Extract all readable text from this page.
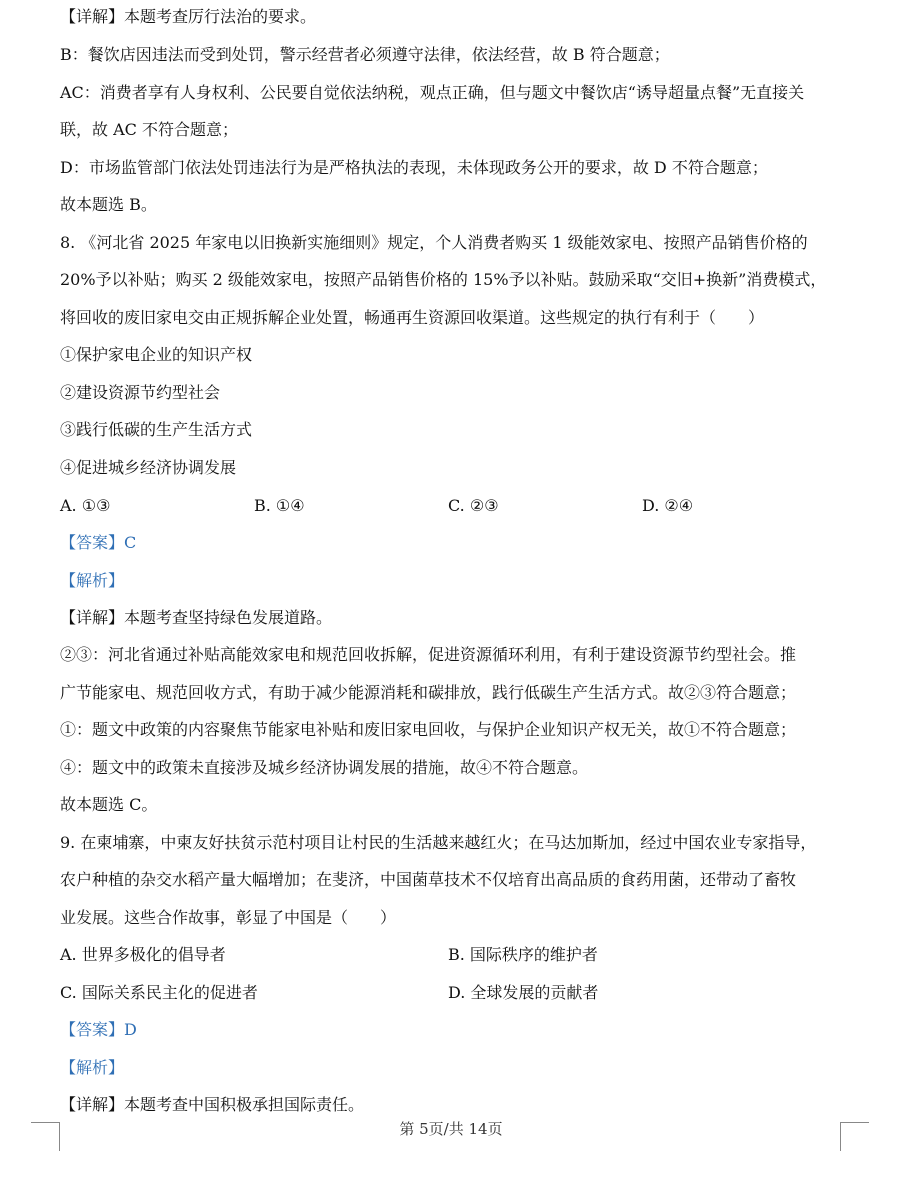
【详解】本题考查厉行法治的要求。
B：餐饮店因违法而受到处罚，警示经营者必须遵守法律，依法经营，故 B 符合题意；
AC：消费者享有人身权利、公民要自觉依法纳税，观点正确，但与题文中餐饮店“诱导超量点餐”无直接关
联，故 AC 不符合题意；
D：市场监管部门依法处罚违法行为是严格执法的表现，未体现政务公开的要求，故 D 不符合题意；
故本题选 B。
8. 《河北省 2025 年家电以旧换新实施细则》规定，个人消费者购买 1 级能效家电、按照产品销售价格的
20%予以补贴；购买 2 级能效家电，按照产品销售价格的 15%予以补贴。鼓励采取“交旧+换新”消费模式，
将回收的废旧家电交由正规拆解企业处置，畅通再生资源回收渠道。这些规定的执行有利于（　　）
①保护家电企业的知识产权
②建设资源节约型社会
③践行低碳的生产生活方式
④促进城乡经济协调发展
A. ①③	B. ①④	C. ②③	D. ②④
【答案】C
【解析】
【详解】本题考查坚持绿色发展道路。
②③：河北省通过补贴高能效家电和规范回收拆解，促进资源循环利用，有利于建设资源节约型社会。推
广节能家电、规范回收方式，有助于减少能源消耗和碳排放，践行低碳生产生活方式。故②③符合题意；
①：题文中政策的内容聚焦节能家电补贴和废旧家电回收，与保护企业知识产权无关，故①不符合题意；
④：题文中的政策未直接涉及城乡经济协调发展的措施，故④不符合题意。
故本题选 C。
9. 在柬埔寨，中柬友好扶贫示范村项目让村民的生活越来越红火；在马达加斯加，经过中国农业专家指导，
农户种植的杂交水稻产量大幅增加；在斐济，中国菌草技术不仅培育出高品质的食药用菌，还带动了畜牧
业发展。这些合作故事，彰显了中国是（　　）
A. 世界多极化的倡导者	B. 国际秩序的维护者
C. 国际关系民主化的促进者	D. 全球发展的贡献者
【答案】D
【解析】
【详解】本题考查中国积极承担国际责任。
第 5页/共 14页
